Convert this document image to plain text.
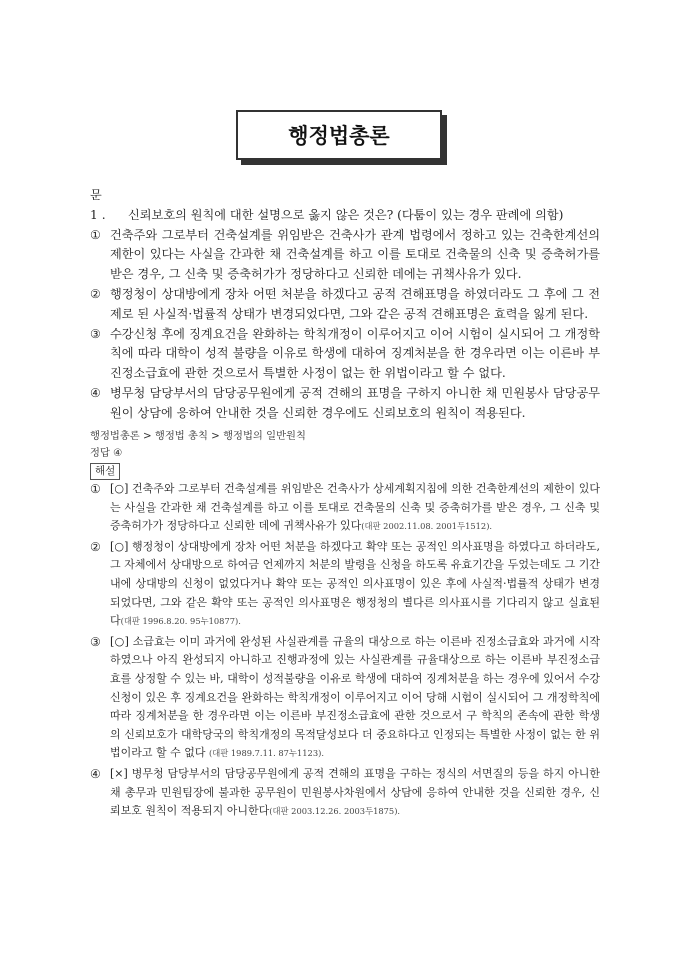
행정법총론
문 1. 신뢰보호의 원칙에 대한 설명으로 옳지 않은 것은? (다툼이 있는 경우 판례에 의함)
① 건축주와 그로부터 건축설계를 위임받은 건축사가 관계 법령에서 정하고 있는 건축한계선의 제한이 있다는 사실을 간과한 채 건축설계를 하고 이를 토대로 건축물의 신축 및 증축허가를 받은 경우, 그 신축 및 증축허가가 정당하다고 신뢰한 데에는 귀책사유가 있다.
② 행정청이 상대방에게 장차 어떤 처분을 하겠다고 공적 견해표명을 하였더라도 그 후에 그 전제로 된 사실적·법률적 상태가 변경되었다면, 그와 같은 공적 견해표명은 효력을 잃게 된다.
③ 수강신청 후에 징계요건을 완화하는 학칙개정이 이루어지고 이어 시험이 실시되어 그 개정학칙에 따라 대학이 성적 불량을 이유로 학생에 대하여 징계처분을 한 경우라면 이는 이른바 부진정소급효에 관한 것으로서 특별한 사정이 없는 한 위법이라고 할 수 없다.
④ 병무청 담당부서의 담당공무원에게 공적 견해의 표명을 구하지 아니한 채 민원봉사 담당공무원이 상담에 응하여 안내한 것을 신뢰한 경우에도 신뢰보호의 원칙이 적용된다.
행정법총론 > 행정법 총칙 > 행정법의 일반원칙
정답 ④
해설
① [○] 건축주와 그로부터 건축설계를 위임받은 건축사가 상세계획지침에 의한 건축한계선의 제한이 있다는 사실을 간과한 채 건축설계를 하고 이를 토대로 건축물의 신축 및 증축허가를 받은 경우, 그 신축 및 증축허가가 정당하다고 신뢰한 데에 귀책사유가 있다(대판 2002.11.08. 2001두1512).
② [○] 행정청이 상대방에게 장차 어떤 처분을 하겠다고 확약 또는 공적인 의사표명을 하였다고 하더라도, 그 자체에서 상대방으로 하여금 언제까지 처분의 발령을 신청을 하도록 유효기간을 두었는데도 그 기간 내에 상대방의 신청이 없었다거나 확약 또는 공적인 의사표명이 있은 후에 사실적·법률적 상태가 변경되었다면, 그와 같은 확약 또는 공적인 의사표명은 행정청의 별다른 의사표시를 기다리지 않고 실효된다(대판 1996.8.20. 95누10877).
③ [○] 소급효는 이미 과거에 완성된 사실관계를 규율의 대상으로 하는 이른바 진정소급효와 과거에 시작하였으나 아직 완성되지 아니하고 진행과정에 있는 사실관계를 규율대상으로 하는 이른바 부진정소급효를 상정할 수 있는 바, 대학이 성적불량을 이유로 학생에 대하여 징계처분을 하는 경우에 있어서 수강신청이 있은 후 징계요건을 완화하는 학칙개정이 이루어지고 이어 당해 시험이 실시되어 그 개정학칙에 따라 징계처분을 한 경우라면 이는 이른바 부진정소급효에 관한 것으로서 구 학칙의 존속에 관한 학생의 신뢰보호가 대학당국의 학칙개정의 목적달성보다 더 중요하다고 인정되는 특별한 사정이 없는 한 위법이라고 할 수 없다 (대판 1989.7.11. 87누1123).
④ [×] 병무청 담당부서의 담당공무원에게 공적 견해의 표명을 구하는 정식의 서면질의 등을 하지 아니한 채 총무과 민원팀장에 불과한 공무원이 민원봉사차원에서 상담에 응하여 안내한 것을 신뢰한 경우, 신뢰보호 원칙이 적용되지 아니한다(대판 2003.12.26. 2003두1875).
